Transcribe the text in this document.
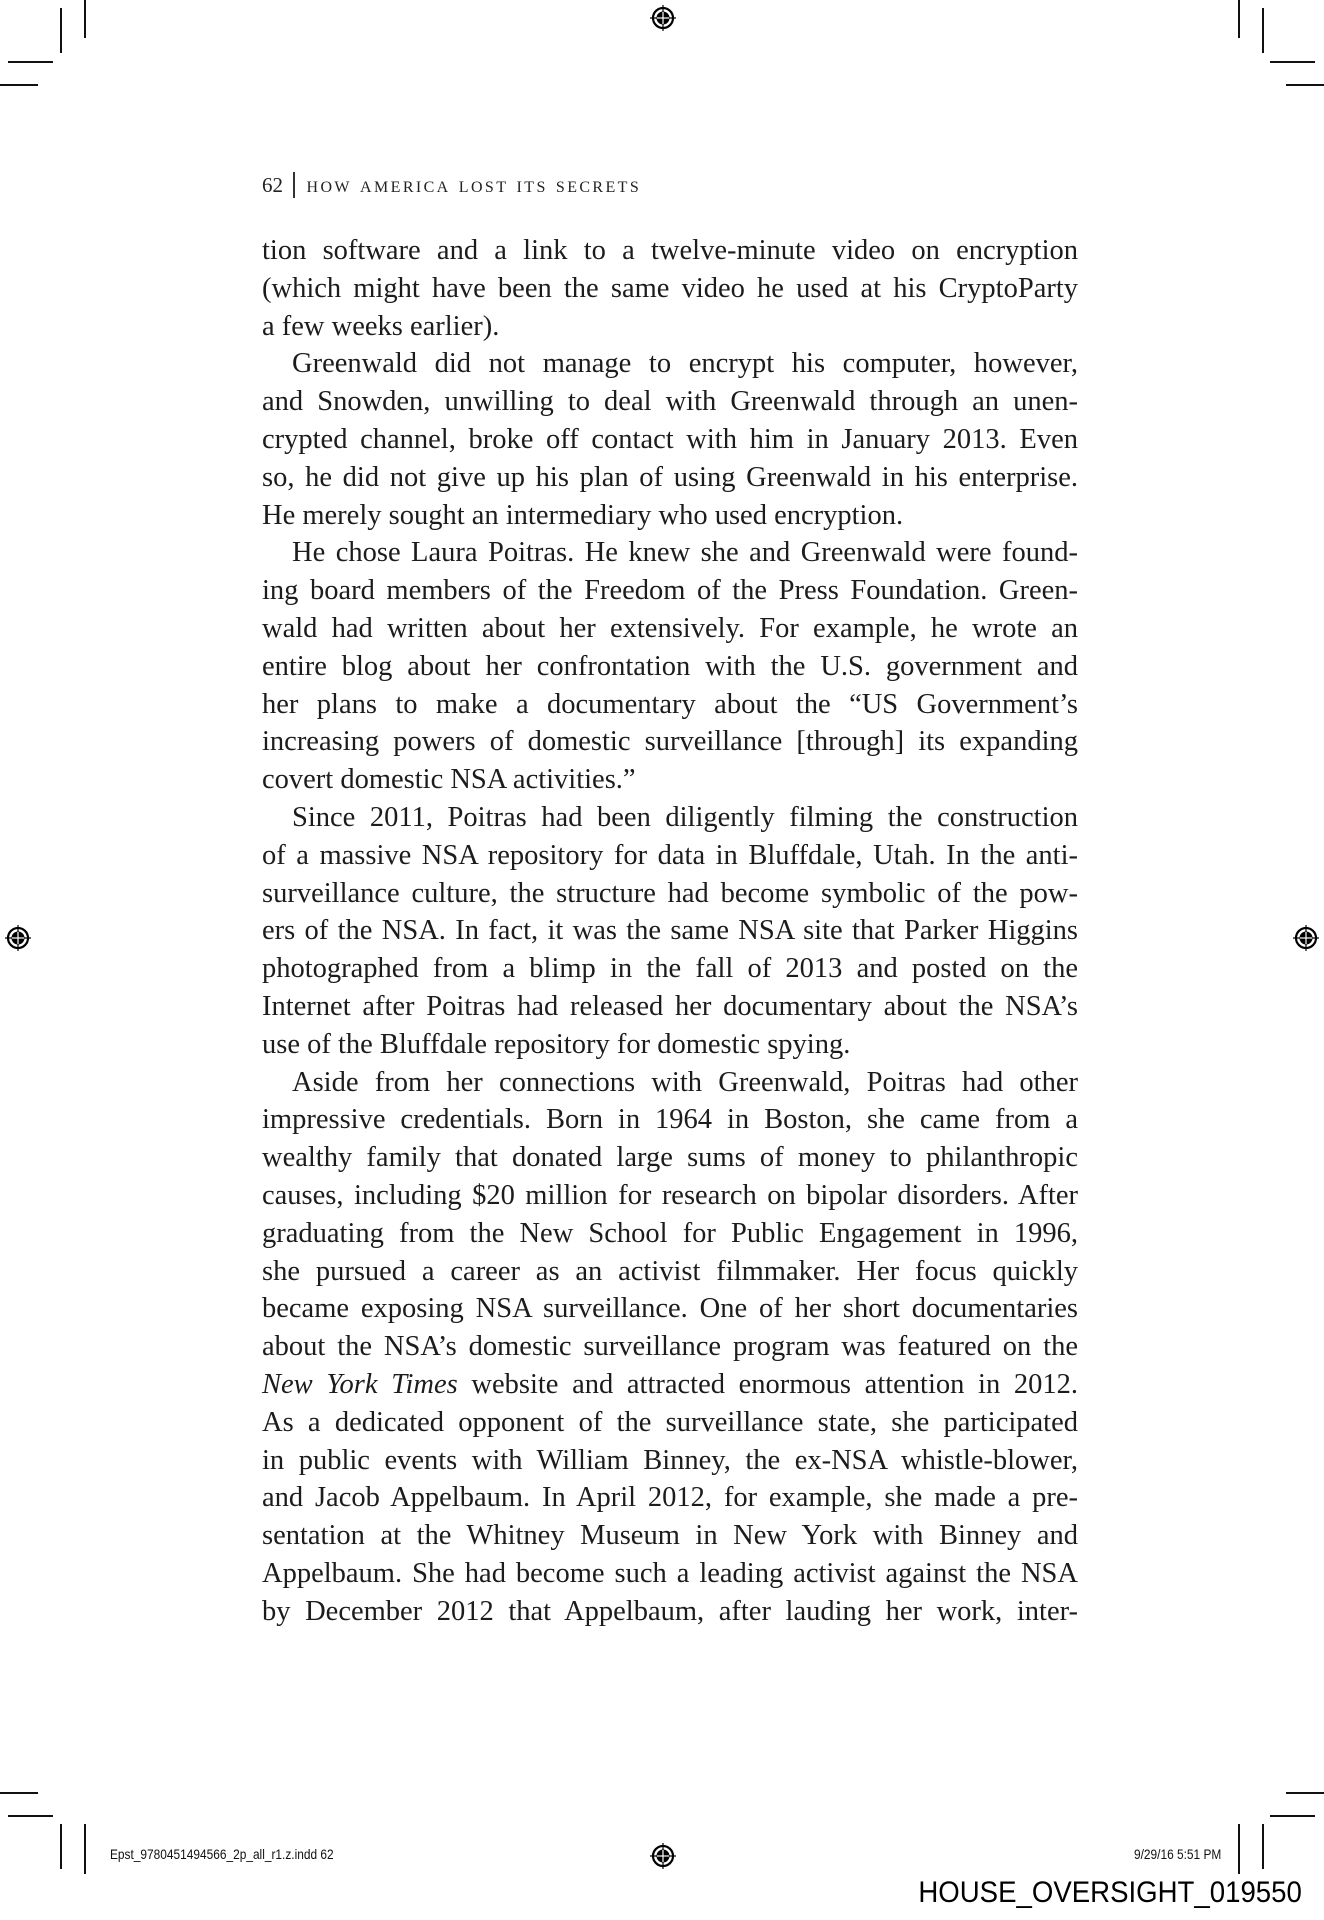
62 how america lost its secrets
tion software and a link to a twelve-minute video on encryption
(which might have been the same video he used at his CryptoParty
a few weeks earlier).
Greenwald did not manage to encrypt his computer, however,
and Snowden, unwilling to deal with Greenwald through an unen-
crypted channel, broke off contact with him in January 2013. Even
so, he did not give up his plan of using Greenwald in his enterprise.
He merely sought an intermediary who used encryption.
He chose Laura Poitras. He knew she and Greenwald were found-
ing board members of the Freedom of the Press Foundation. Green-
wald had written about her extensively. For example, he wrote an
entire blog about her confrontation with the U.S. government and
her plans to make a documentary about the “US Government’s
increasing powers of domestic surveillance [through] its expanding
covert domestic NSA activities.”
Since 2011, Poitras had been diligently filming the construction
of a massive NSA repository for data in Bluffdale, Utah. In the anti-
surveillance culture, the structure had become symbolic of the pow-
ers of the NSA. In fact, it was the same NSA site that Parker Higgins
photographed from a blimp in the fall of 2013 and posted on the
Internet after Poitras had released her documentary about the NSA’s
use of the Bluffdale repository for domestic spying.
Aside from her connections with Greenwald, Poitras had other
impressive credentials. Born in 1964 in Boston, she came from a
wealthy family that donated large sums of money to philanthropic
causes, including $20 million for research on bipolar disorders. After
graduating from the New School for Public Engagement in 1996,
she pursued a career as an activist filmmaker. Her focus quickly
became exposing NSA surveillance. One of her short documentaries
about the NSA’s domestic surveillance program was featured on the
New York Times website and attracted enormous attention in 2012.
As a dedicated opponent of the surveillance state, she participated
in public events with William Binney, the ex-NSA whistle-blower,
and Jacob Appelbaum. In April 2012, for example, she made a pre-
sentation at the Whitney Museum in New York with Binney and
Appelbaum. She had become such a leading activist against the NSA
by December 2012 that Appelbaum, after lauding her work, inter-
Epst_9780451494566_2p_all_r1.z.indd 62	9/29/16 5:51 PM
HOUSE_OVERSIGHT_019550
